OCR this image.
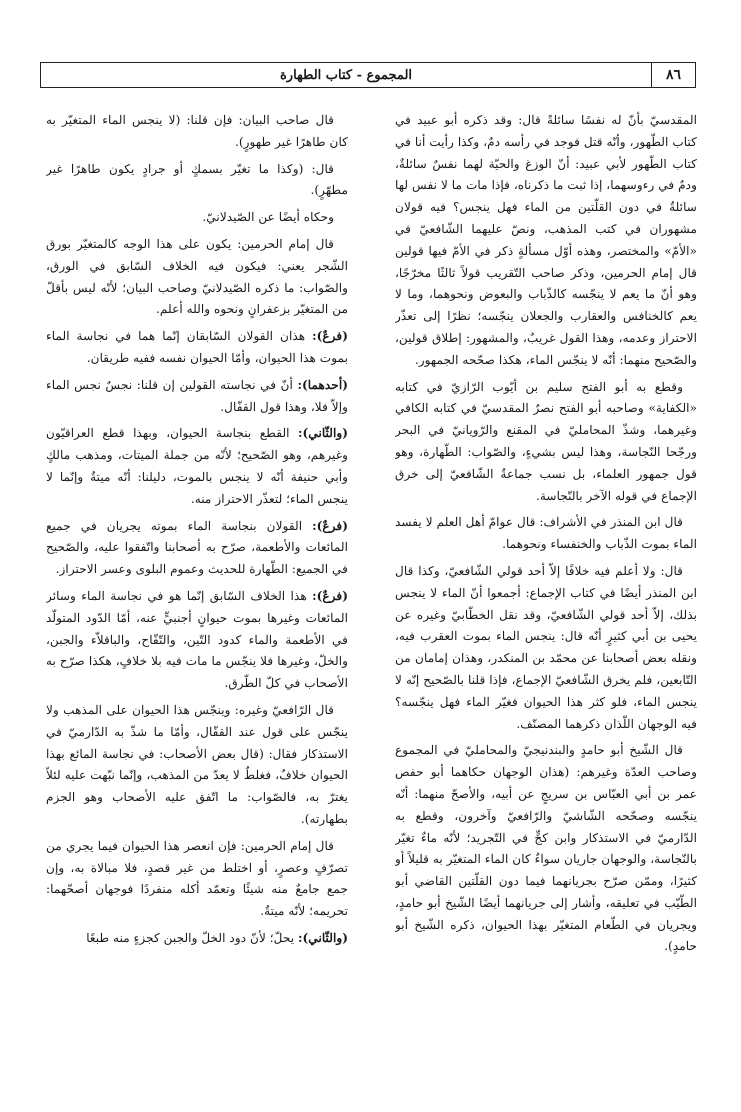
٨٦
المجموع - كتاب الطهارة

المقدسيّ بأنّ له نفسًا سائلةً قال: وقد ذكره أبو عبيد في كتاب الطّهور، وأنّه قتل فوجد في رأسه دمٌ، وكذا رأيت أنا في كتاب الطّهور لأبي عبيد: أنّ الوزغ والحيّة لهما نفسٌ سائلةٌ، ودمٌ في رءوسهما، إذا ثبت ما ذكرناه، فإذا مات ما لا نفس لها سائلةٌ في دون القلّتين من الماء فهل ينجس؟ فيه قولان مشهوران في كتب المذهب، ونصّ عليهما الشّافعيّ في «الأمّ» والمختصر، وهذه أوّل مسألةٍ ذكر في الأمّ فيها قولين قال إمام الحرمين، وذكر صاحب التّقريب قولاً ثالثًا مخرّجًا، وهو أنّ ما يعم لا ينجّسه كالذّباب والبعوض ونحوهما، وما لا يعم كالخنافس والعقارب والجعلان ينجّسه؛ نظرًا إلى تعذّر الاحتراز وعدمه، وهذا القول غريبٌ، والمشهور: إطلاق قولين، والصّحيح منهما: أنّه لا ينجّس الماء، هكذا صحّحه الجمهور.

وقطع به أبو الفتح سليم بن أيّوب الرّازيّ في كتابه «الكفاية» وصاحبه أبو الفتح نصرٌ المقدسيّ في كتابه الكافي وغيرهما، وشذّ المحامليّ في المقنع والرّويانيّ في البحر ورجّحا النّجاسة، وهذا ليس بشيءٍ، والصّواب: الطّهارة، وهو قول جمهور العلماء، بل نسب جماعةٌ الشّافعيّ إلى خرق الإجماع في قوله الآخر بالنّجاسة.

قال ابن المنذر في الأشراف: قال عوامّ أهل العلم لا يفسد الماء بموت الذّباب والخنفساء ونحوهما.

قال: ولا أعلم فيه خلافًا إلاّ أحد قولي الشّافعيّ، وكذا قال ابن المنذر أيضًا في كتاب الإجماع: أجمعوا أنّ الماء لا ينجس بذلك، إلاّ أحد قولي الشّافعيّ، وقد نقل الخطّابيّ وغيره عن يحيى بن أبي كثيرٍ أنّه قال: ينجس الماء بموت العقرب فيه، ونقله بعض أصحابنا عن محمّد بن المنكدر، وهذان إمامان من التّابعين، فلم يخرق الشّافعيّ الإجماع، فإذا قلنا بالصّحيح إنّه لا ينجس الماء، فلو كثر هذا الحيوان فغيّر الماء فهل ينجّسه؟ فيه الوجهان اللّذان ذكرهما المصنّف.

قال الشّيخ أبو حامدٍ والبندنيجيّ والمحامليّ في المجموع وصاحب العدّة وغيرهم: (هذان الوجهان حكاهما أبو حفص عمر بن أبي العبّاس بن سريجٍ عن أبيه، والأصحّ منهما: أنّه ينجّسه وصحّحه الشّاشيّ والرّافعيّ وآخرون، وقطع به الدّارميّ في الاستذكار وابن كجٍّ في التّجريد؛ لأنّه ماءٌ تغيّر بالنّجاسة، والوجهان جاريان سواءٌ كان الماء المتغيّر به قليلاً أو كثيرًا، وممّن صرّح بجريانهما فيما دون القلّتين القاضي أبو الطّيّب في تعليقه، وأشار إلى جريانهما أيضًا الشّيخ أبو حامدٍ، ويجريان في الطّعام المتغيّر بهذا الحيوان، ذكره الشّيخ أبو حامدٍ).

قال صاحب البيان: فإن قلنا: (لا ينجس الماء المتغيّر به كان طاهرًا غير طهورٍ).

قال: (وكذا ما تغيّر بسمكٍ أو جرادٍ يكون طاهرًا غير مطهّرٍ).

وحكاه أيضًا عن الصّيدلانيّ.

قال إمام الحرمين: يكون على هذا الوجه كالمتغيّر بورق الشّجر يعني: فيكون فيه الخلاف السّابق في الورق، والصّواب: ما ذكره الصّيدلانيّ وصاحب البيان؛ لأنّه ليس بأقلّ من المتغيّر بزعفرانٍ ونحوه والله أعلم.

(فرعٌ): هذان القولان السّابقان إنّما هما في نجاسة الماء بموت هذا الحيوان، وأمّا الحيوان نفسه ففيه طريقان.

(أحدهما): أنّ في نجاسته القولين إن قلنا: نجسٌ نجس الماء وإلاّ فلا، وهذا قول القفّال.

(والثّاني): القطع بنجاسة الحيوان، وبهذا قطع العراقيّون وغيرهم، وهو الصّحيح؛ لأنّه من جملة الميتات، ومذهب مالكٍ وأبي حنيفة أنّه لا ينجس بالموت، دليلنا: أنّه ميتةٌ وإنّما لا ينجس الماء؛ لتعذّر الاحتراز منه.

(فرعٌ): القولان بنجاسة الماء بموته يجريان في جميع المائعات والأطعمة، صرّح به أصحابنا واتّفقوا عليه، والصّحيح في الجميع: الطّهارة للحديث وعموم البلوى وعسر الاحتراز.

(فرعٌ): هذا الخلاف السّابق إنّما هو في نجاسة الماء وسائر المائعات وغيرها بموت حيوانٍ أجنبيٍّ عنه، أمّا الدّود المتولّد في الأطعمة والماء كدود التّين، والتّفّاح، والباقلاّء والجبن، والخلّ، وغيرها فلا ينجّس ما مات فيه بلا خلافٍ، هكذا صرّح به الأصحاب في كلّ الطّرق.

قال الرّافعيّ وغيره: وينجّس هذا الحيوان على المذهب ولا ينجّس على قول عند القفّال، وأمّا ما شذّ به الدّارميّ في الاستذكار فقال: (قال بعض الأصحاب: في نجاسة المائع بهذا الحيوان خلافٌ، فغلطٌ لا يعدّ من المذهب، وإنّما نبّهت عليه لئلاّ يغترّ به، فالصّواب: ما اتّفق عليه الأصحاب وهو الجزم بطهارته).

قال إمام الحرمين: فإن انعصر هذا الحيوان فيما يجري من تصرّفٍ وعصرٍ، أو اختلط من غير قصدٍ، فلا مبالاة به، وإن جمع جامعٌ منه شيئًا وتعمّد أكله منفردًا فوجهان أصحّهما: تحريمه؛ لأنّه ميتةٌ.

(والثّاني): يحلّ؛ لأنّ دود الخلّ والجبن كجزءٍ منه طبعًا
